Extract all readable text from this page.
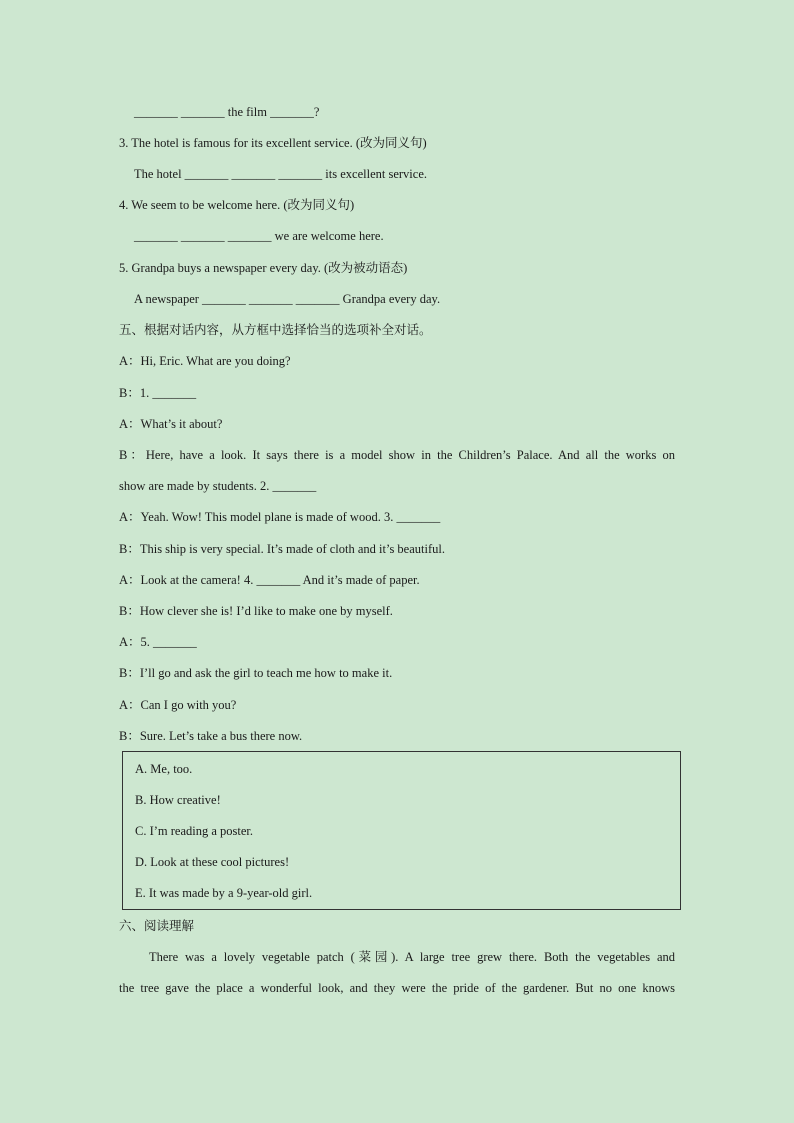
_______ _______ the film _______?
3. The hotel is famous for its excellent service. (改为同义句)
The hotel _______ _______ _______ its excellent service.
4. We seem to be welcome here. (改为同义句)
_______ _______ _______ we are welcome here.
5. Grandpa buys a newspaper every day. (改为被动语态)
A newspaper _______ _______ _______ Grandpa every day.
五、根据对话内容，从方框中选择恰当的选项补全对话。
A：Hi, Eric. What are you doing?
B：1. _______
A：What’s it about?
B：Here, have a look. It says there is a model show in the Children’s Palace. And all the works on
show are made by students. 2. _______
A：Yeah. Wow! This model plane is made of wood. 3. _______
B：This ship is very special. It’s made of cloth and it’s beautiful.
A：Look at the camera! 4. _______ And it’s made of paper.
B：How clever she is! I’d like to make one by myself.
A：5. _______
B：I’ll go and ask the girl to teach me how to make it.
A：Can I go with you?
B：Sure. Let’s take a bus there now.
A. Me, too.
B. How creative!
C. I’m reading a poster.
D. Look at these cool pictures!
E. It was made by a 9-year-old girl.
六、阅读理解
There was a lovely vegetable patch (菜园). A large tree grew there. Both the vegetables and
the tree gave the place a wonderful look, and they were the pride of the gardener. But no one knows
